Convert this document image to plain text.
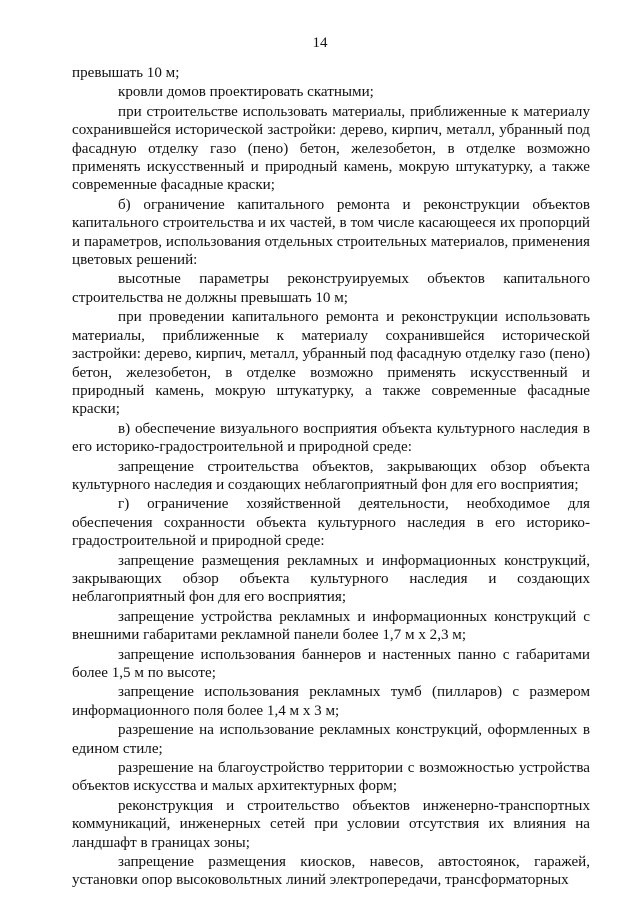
14

превышать 10 м;

кровли домов проектировать скатными;

при строительстве использовать материалы, приближенные к материалу сохранившейся исторической застройки: дерево, кирпич, металл, убранный под фасадную отделку газо (пено) бетон, железобетон, в отделке возможно применять искусственный и природный камень, мокрую штукатурку, а также современные фасадные краски;

б) ограничение капитального ремонта и реконструкции объектов капитального строительства и их частей, в том числе касающееся их пропорций и параметров, использования отдельных строительных материалов, применения цветовых решений:

высотные параметры реконструируемых объектов капитального строительства не должны превышать 10 м;

при проведении капитального ремонта и реконструкции использовать материалы, приближенные к материалу сохранившейся исторической застройки: дерево, кирпич, металл, убранный под фасадную отделку газо (пено) бетон, железобетон, в отделке возможно применять искусственный и природный камень, мокрую штукатурку, а также современные фасадные краски;

в) обеспечение визуального восприятия объекта культурного наследия в его историко-градостроительной и природной среде:

запрещение строительства объектов, закрывающих обзор объекта культурного наследия и создающих неблагоприятный фон для его восприятия;

г) ограничение хозяйственной деятельности, необходимое для обеспечения сохранности объекта культурного наследия в его историко-градостроительной и природной среде:

запрещение размещения рекламных и информационных конструкций, закрывающих обзор объекта культурного наследия и создающих неблагоприятный фон для его восприятия;

запрещение устройства рекламных и информационных конструкций с внешними габаритами рекламной панели более 1,7 м х 2,3 м;

запрещение использования баннеров и настенных панно с габаритами более 1,5 м по высоте;

запрещение использования рекламных тумб (пилларов) с размером информационного поля более 1,4 м х 3 м;

разрешение на использование рекламных конструкций, оформленных в едином стиле;

разрешение на благоустройство территории с возможностью устройства объектов искусства и малых архитектурных форм;

реконструкция и строительство объектов инженерно-транспортных коммуникаций, инженерных сетей при условии отсутствия их влияния на ландшафт в границах зоны;

запрещение размещения киосков, навесов, автостоянок, гаражей, установки опор высоковольтных линий электропередачи, трансформаторных
